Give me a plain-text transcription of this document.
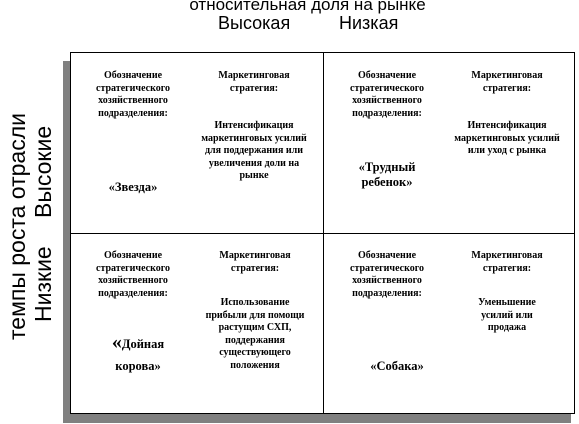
относительная доля на рынке
Высокая	Низкая
темпы роста отрасли Высокие
Низкие
Обозначение стратегического хозяйственного подразделения:
«Звезда»
Маркетинговая стратегия:
Интенсификация маркетинговых усилий для поддержания или увеличения доли на рынке
Обозначение стратегического хозяйственного подразделения:
«Трудный ребенок»
Маркетинговая стратегия:
Интенсификация маркетинговых усилий или уход с рынка
Обозначение стратегического хозяйственного подразделения:
«Дойная корова»
Маркетинговая стратегия:
Использование прибыли для помощи растущим СХП, поддержания существующего положения
Обозначение стратегического хозяйственного подразделения:
«Собака»
Маркетинговая стратегия:
Уменьшение усилий или продажа
